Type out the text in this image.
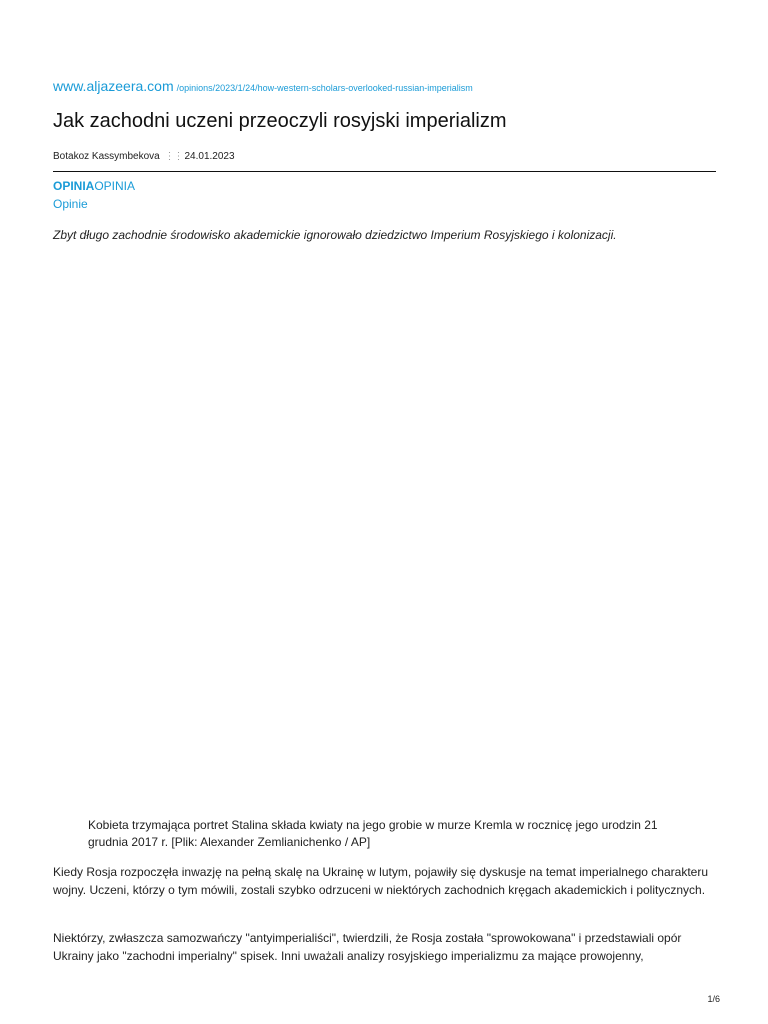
www.aljazeera.com /opinions/2023/1/24/how-western-scholars-overlooked-russian-imperialism
Jak zachodni uczeni przeoczyli rosyjski imperializm
Botakoz Kassymbekova ⋮⋮ 24.01.2023
OPINIAOPINIA
Opinie

Zbyt długo zachodnie środowisko akademickie ignorowało dziedzictwo Imperium Rosyjskiego i kolonizacji.

Kobieta trzymająca portret Stalina składa kwiaty na jego grobie w murze Kremla w rocznicę jego urodzin 21 grudnia 2017 r. [Plik: Alexander Zemlianichenko / AP]

Kiedy Rosja rozpoczęła inwazję na pełną skalę na Ukrainę w lutym, pojawiły się dyskusje na temat imperialnego charakteru wojny. Uczeni, którzy o tym mówili, zostali szybko odrzuceni w niektórych zachodnich kręgach akademickich i politycznych.

Niektórzy, zwłaszcza samozwańczy "antyimperialiści", twierdzili, że Rosja została "sprowokowana" i przedstawiali opór Ukrainy jako "zachodni imperialny" spisek. Inni uważali analizy rosyjskiego imperializmu za mające prowojenny,

1/6
